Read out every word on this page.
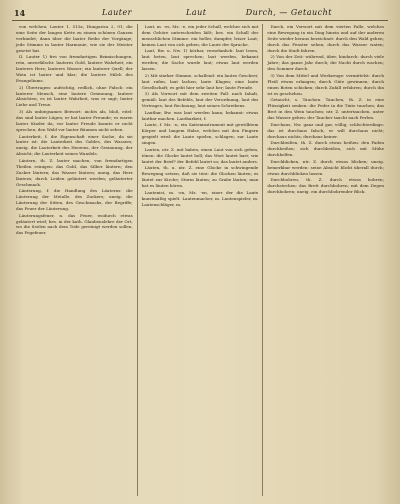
14	Lauter	Laut	Durch, — Getaucht

von welchen, Lauter 1, 513a; Hungarica 2, 91; die eine Seite der langen Kette zu einem schönen Ganzen verbindet; dann über die lauter Reihe der Vorgänge; jede Stimme in lauter Harmonie, wie sie der Meister gesetzt hat.

II. Lauter 1) frei von fremdartigen Beimischungen, rein, unverfälscht: lauteres Gold, lautere Wahrheit; ein lauteres Herz; lauteres Wasser; ein lauterer Quell; der Wein ist lauter und klar; die lautere Milch des Evangeliums.

2) Übertragen: aufrichtig, redlich, ohne Falsch: ein lauterer Mensch, eine lautere Gesinnung, lautere Absichten; es ist lauter Wahrheit, was er sagt; lauter Liebe und Treue.

3) Als unbiegsames Beiwort: nichts als, bloß, eitel: das sind lauter Lügen; er hat lauter Freunde; es waren lauter Kinder da; vor lauter Freude konnte er nicht sprechen; den Wald vor lauter Bäumen nicht sehen.

Lauterkeit, f. die Eigenschaft einer Sache, da sie lauter ist: die Lauterkeit des Goldes, des Wassers; uneig. die Lauterkeit des Herzens, der Gesinnung, der Absicht; die Lauterkeit seines Wandels.

Läutern, th. Z. lauter machen, von fremdartigen Theilen reinigen: das Gold, das Silber läutern; den Zucker läutern; das Wasser läutern; uneig. das Herz läutern; durch Leiden geläutert werden; geläuterter Geschmack.

Läuterung, f. die Handlung des Läuterns: die Läuterung der Metalle, des Zuckers; uneig. die Läuterung der Sitten, des Geschmacks, der Begriffe; das Feuer der Läuterung.

Läuterungsfeuer, n. das Feuer, wodurch etwas geläutert wird; bes. in der kath. Glaubenslehre der Ort, wo die Seelen nach dem Tode gereinigt werden sollen, das Fegefeuer.

Laut, m. -es, Mz. -e, ein jeder Schall, welcher sich mit dem Gehöre unterscheiden läßt; bes. ein Schall der menschlichen Stimme: ein heller, dumpfer, leiser Laut; keinen Laut von sich geben; die Laute der Sprache.

Laut, Bw. u. Nw. 1) hörbar, vernehmlich: laut lesen, laut beten, laut sprechen; laut werden, bekannt werden; die Sache wurde laut; etwas laut werden lassen.

2) Mit starker Stimme, schallend: ein lautes Geschrei; laut rufen, laut lachen; laute Klagen; eine laute Gesellschaft; es geht hier sehr laut her; laute Freude.

3) Als Vorwort mit dem zweiten Fall: nach Inhalt, gemäß: laut des Befehls, laut der Verordnung, laut des Vertrages; laut Rechnung; laut seines Schreibens.

Lautbar, Bw. was laut werden kann; bekannt: etwas lautbar machen. Lautbarkeit, f.

Laute, f. Mz. -n, ein Saiteninstrument mit gewölbtem Körper und langem Halse, welches mit den Fingern gespielt wird: die Laute spielen, schlagen; zur Laute singen.

Lauten, ntr. Z. mit haben, einen Laut von sich geben, tönen: die Glocke lautet hell; das Wort lautet hart; wie lautet der Brief? der Befehl lautet so; das lautet anders.

Läuten, th. u. ntr. Z. eine Glocke in schwingende Bewegung setzen, daß sie tönt: die Glocken läuten; es läutet zur Kirche; Sturm läuten; zu Grabe läuten; man hat es läuten hören.

Lautenist, m. -en, Mz. -en, einer der die Laute kunstmäßig spielt. Lautenmacher, m. Lautenspieler, m. Lautenschläger, m.

Durch, ein Vorwort mit dem vierten Falle, welches eine Bewegung in ein Ding hinein und auf der anderen Seite wieder heraus bezeichnet: durch den Wald gehen; durch das Fenster sehen; durch das Wasser waten; durch die Stadt fahren.

2) Von der Zeit: während, über, hindurch: durch viele Jahre; das ganze Jahr durch; die Nacht durch wachen; den Sommer durch.

3) Von dem Mittel und Werkzeuge: vermittelst: durch Fleiß etwas erlangen; durch Güte gewinnen; durch einen Boten schicken; durch Zufall erfahren; durch ihn ist es geschehen.

Getaucht, s. Tauchen. Tauchen, th. Z. in eine Flüssigkeit senken: die Feder in die Tinte tauchen; das Brot in den Wein tauchen; ntr. Z. untertauchen, unter das Wasser gehen: der Taucher taucht nach Perlen.

Durchaus, Nw. ganz und gar, völlig, schlechterdings: das ist durchaus falsch; er will durchaus nicht; durchaus nichts; durchaus keiner.

Durchbeißen, th. Z. durch etwas beißen: den Faden durchbeißen; sich durchbeißen, sich mit Mühe durchhelfen.

Durchblicken, ntr. Z. durch etwas blicken; uneig. bemerkbar werden: seine Absicht blickt überall durch; etwas durchblicken lassen.

Durchbohren, th. Z. durch etwas bohren; durchstechen: das Brett durchbohren; mit dem Degen durchbohren; uneig. ein durchbohrender Blick.
